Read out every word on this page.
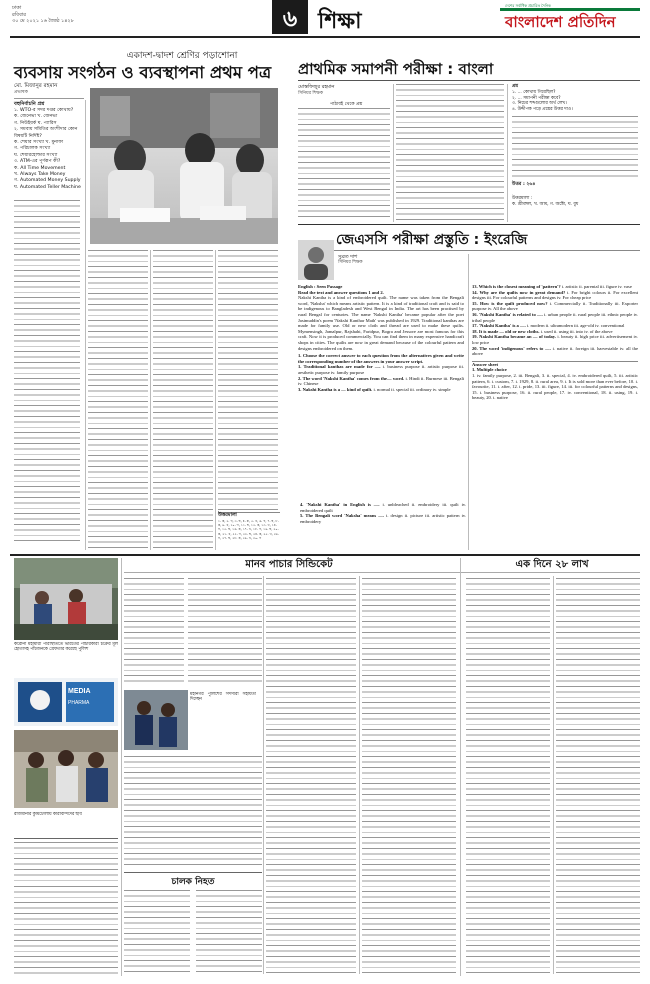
ঢাকা
রবিবার
৩০ মে ২০২১ ১৬ জ্যৈষ্ঠ ১৪২৮	৬ শিক্ষা	বাংলাদেশ প্রতিদিন
দেশের সর্বাধিক প্রচারিত দৈনিক
একাদশ-দ্বাদশ শ্রেণির পড়াশোনা
ব্যবসায় সংগঠন ও ব্যবস্থাপনা প্রথম পত্র
মো. মিজানুর রহমান
প্রভাষক
বহুনির্বাচনি প্রশ্ন
১. WTO-র সদর দপ্তর কোথায়?
ক. জেনেভা খ. জেনভা
গ. নিউইয়র্ক ঘ. প্যারিস
২. সমবায় সমিতির অংশীদার কোন বিষয়টি নির্দিষ্ট?
ক. শেয়ার সংখ্যা খ. মুনাফা
গ. পরিচালক সংখ্যা
ঘ. শেয়ারহোল্ডার সংখ্যা
৩. ATM-এর পূর্ণরূপ কী?
ক. All Time Movement
খ. Always Take Money
গ. Automated Money Supply
ঘ. Automated Teller Machine
উত্তরমালা
১. ক, ২. গ, ৩. ঘ, ৪. ক, ৫. খ, ৬. গ, ৭. ঘ, ৮. ক, ৯. খ, ১০. গ, ১১. ঘ, ১২. ক, ১৩. খ, ১৪. গ, ১৫. ঘ, ১৬. ক, ১৭. খ, ১৮. গ, ১৯. ঘ, ২০. ক, ২১. খ, ২২. গ, ২৩. ঘ, ২৪. ক, ২৫. খ, ২৬. গ, ২৭. ঘ, ২৮. ক, ২৯. খ, ৩০. গ
প্রাথমিক সমাপনী পরীক্ষা : বাংলা
মোস্তফিজুর রহমান
সিনিয়র শিক্ষক
পাঠ্যবই থেকে প্রশ্ন
প্রশ্ন
১. ... কোথায় গিয়েছিল?
২. ... সমাপনী পরীক্ষা কবে?
৩. নিচের শব্দগুলোর অর্থ লেখ।
৪. উদ্দীপক পড়ে প্রশ্নের উত্তর দাও।
উত্তর : ২৬৪
উত্তরমালা :
ক. শ্রীমঙ্গল, খ. আম, গ. অক্টো, ঘ. বুধ
জেএসসি পরীক্ষা প্রস্তুতি : ইংরেজি
সুব্রত দাশ
সিনিয়র শিক্ষক
English : Seen Passage
Read the text and answer questions 1 and 2.
Nakshi Kantha is a kind of embroidered quilt. The name was taken from the Bengali word, 'Naksha' which means artistic pattern. It is a kind of traditional craft and is said to be indigenous to Bangladesh and West Bengal in India. The art has been practised by rural Bengal for centuries. The name 'Nakshi Kantha' became popular after the poet Jasimuddin's poem 'Nakshi Kanthar Math' was published in 1929. Traditional kanthas are made for family use. Old or new cloth and thread are used to make these quilts. Mymensingh, Jamalpur, Rajshahi, Faridpur, Bogra and Jessore are most famous for this craft. Now it is produced commercially. You can find them in many expensive handicraft shops in cities. The quilts are now in great demand because of the colourful pattern and designs embroidered on them.
1. Choose the correct answer to each question from the alternatives given and write the corresponding number of the answers in your answer script.
1. Traditional kanthas are made for —. i. business purpose ii. artistic purpose iii. aesthetic purpose iv. family purpose
2. The word 'Nakshi Kantha' comes from the— word. i. Hindi ii. Burmese iii. Bengali iv. Chinese
3. Nakshi Kantha is a — kind of quilt. i. normal ii. special iii. ordinary iv. simple
4. 'Nakshi Kantha' in English is —. i. unbleached ii. embroidery iii. quilt iv. embroidered quilt
5. The Bengali word 'Naksha' means —. i. design ii. picture iii. artistic pattern iv. embroidery
13. Which is the closest meaning of 'pattern'? i. artistic ii. parental iii. figure iv. vase
14. Why are the quilts now in great demand? i. For bright colours ii. For excellent designs iii. For colourful patterns and designs iv. For cheap price
15. How is the quilt produced now? i. Commercially ii. Traditionally iii. Exporter purpose iv. All the above
16. 'Nakshi Kantha' is related to —. i. urban people ii. rural people iii. ethnic people iv. tribal people
17. 'Nakshi Kantha' is a —. i. modern ii. ultramodern iii. age-old iv. conventional
18. It is made — old or new cloths. i. used ii. using iii. into iv. of the above
19. Nakshi Kantha became an — of today. i. beauty ii. high price iii. advertisement iv. low price
20. The word 'indigenous' refers to —. i. native ii. foreign iii. harvestable iv. all the above
Answer sheet
1. Multiple choice
1. iv. family purpose, 2. iii. Bengali, 3. ii. special, 4. iv. embroidered quilt, 5. iii. artistic pattern, 6. i. custom, 7. i. 1929, 8. ii. rural area, 9. i. It is sold more than ever before, 10. i. favourite, 11. i. after, 12. i. pride, 13. iii. figure, 14. iii. for colourful patterns and designs, 15. i. business purpose, 16. ii. rural people, 17. iv. conventional, 18. ii. using, 19. i. beauty, 20. i. native
মানব পাচার সিন্ডিকেট	এক দিনে ২৮ লাখ
করোনা মহামারী পরিস্থিতিতে ভারতের পাচারকারী চক্রের মূল হোতাসহ পাঁচজনকে গ্রেফতার করেছে পুলিশ
MEDIA
PHARMA
রাজধানীর কুর্মিটোলায় কারাবন্দিদের ছবি
মহানগর পুলিশের সদস্যরা সহায়তা দিচ্ছেন
চালক নিহত
